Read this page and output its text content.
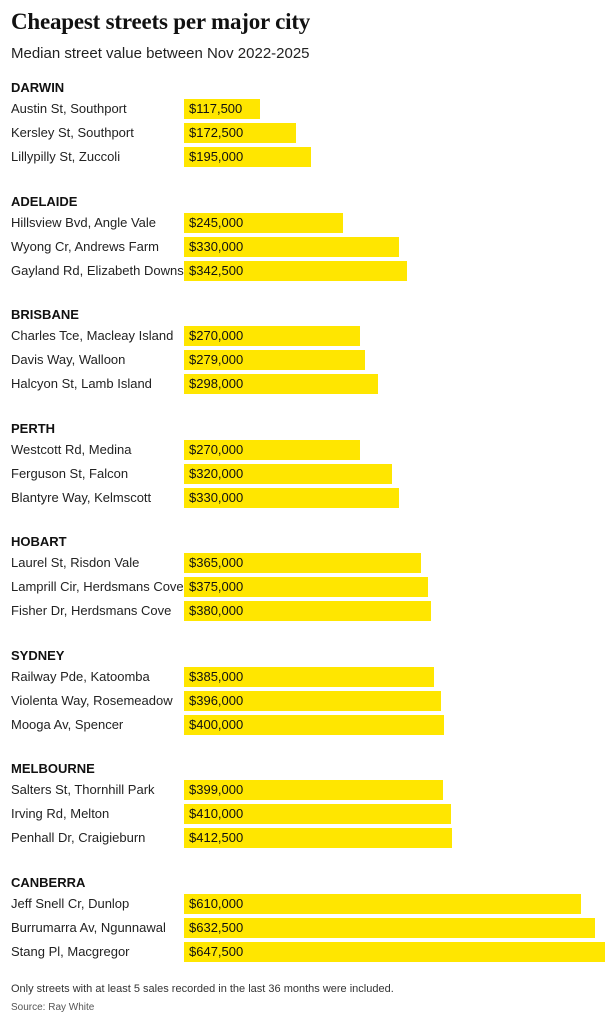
Cheapest streets per major city

Median street value between Nov 2022-2025

DARWIN
Austin St, Southport	$117,500
Kersley St, Southport	$172,500
Lillypilly St, Zuccoli	$195,000
ADELAIDE
Hillsview Bvd, Angle Vale	$245,000
Wyong Cr, Andrews Farm $330,000
Gayland Rd, Elizabeth Downs $342,500
BRISBANE
Charles Tce, Macleay Island $270,000
Davis Way, Walloon	$279,000
Halcyon St, Lamb Island	$298,000
PERTH
Westcott Rd, Medina	$270,000
Ferguson St, Falcon	$320,000
Blantyre Way, Kelmscott	$330,000
HOBART
Laurel St, Risdon Vale	$365,000
Lamprill Cir, Herdsmans Cove $375,000
Fisher Dr, Herdsmans Cove $380,000
SYDNEY
Railway Pde, Katoomba	$385,000
Violenta Way, Rosemeadow $396,000
Mooga Av, Spencer	$400,000
MELBOURNE
Salters St, Thornhill Park	$399,000
Irving Rd, Melton	$410,000
Penhall Dr, Craigieburn	$412,500
CANBERRA
Jeff Snell Cr, Dunlop	$610,000
Burrumarra Av, Ngunnawal $632,500
Stang Pl, Macgregor	$647,500

Only streets with at least 5 sales recorded in the last 36 months were included.

Source: Ray White
